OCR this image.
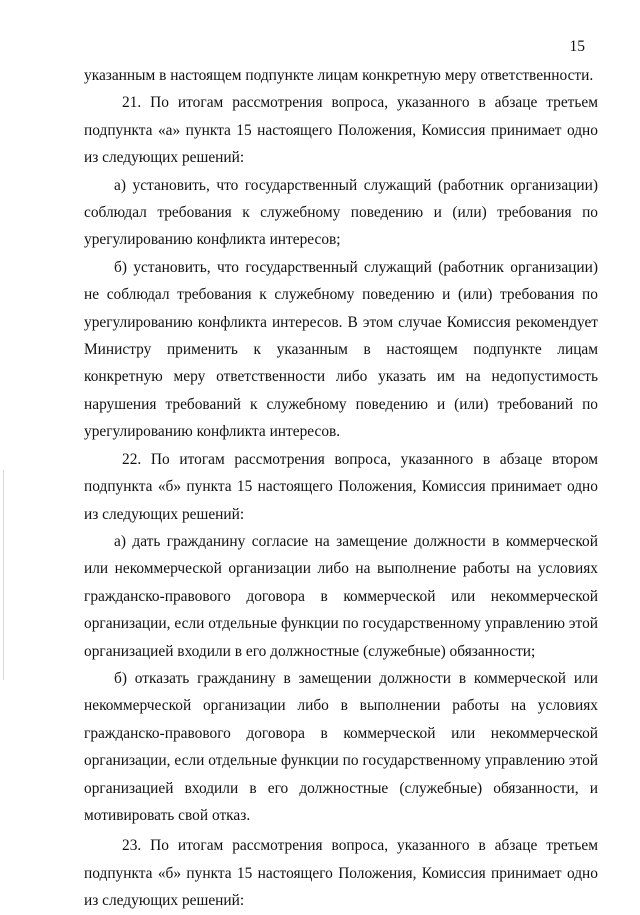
15

указанным в настоящем подпункте лицам конкретную меру ответственности.

21. По итогам рассмотрения вопроса, указанного в абзаце третьем подпункта «а» пункта 15 настоящего Положения, Комиссия принимает одно из следующих решений:

а) установить, что государственный служащий (работник организации) соблюдал требования к служебному поведению и (или) требования по урегулированию конфликта интересов;

б) установить, что государственный служащий (работник организации) не соблюдал требования к служебному поведению и (или) требования по урегулированию конфликта интересов. В этом случае Комиссия рекомендует Министру применить к указанным в настоящем подпункте лицам конкретную меру ответственности либо указать им на недопустимость нарушения требований к служебному поведению и (или) требований по урегулированию конфликта интересов.

22. По итогам рассмотрения вопроса, указанного в абзаце втором подпункта «б» пункта 15 настоящего Положения, Комиссия принимает одно из следующих решений:

а) дать гражданину согласие на замещение должности в коммерческой или некоммерческой организации либо на выполнение работы на условиях гражданско-правового договора в коммерческой или некоммерческой организации, если отдельные функции по государственному управлению этой организацией входили в его должностные (служебные) обязанности;

б) отказать гражданину в замещении должности в коммерческой или некоммерческой организации либо в выполнении работы на условиях гражданско-правового договора в коммерческой или некоммерческой организации, если отдельные функции по государственному управлению этой организацией входили в его должностные (служебные) обязанности, и мотивировать свой отказ.

23. По итогам рассмотрения вопроса, указанного в абзаце третьем подпункта «б» пункта 15 настоящего Положения, Комиссия принимает одно из следующих решений:
